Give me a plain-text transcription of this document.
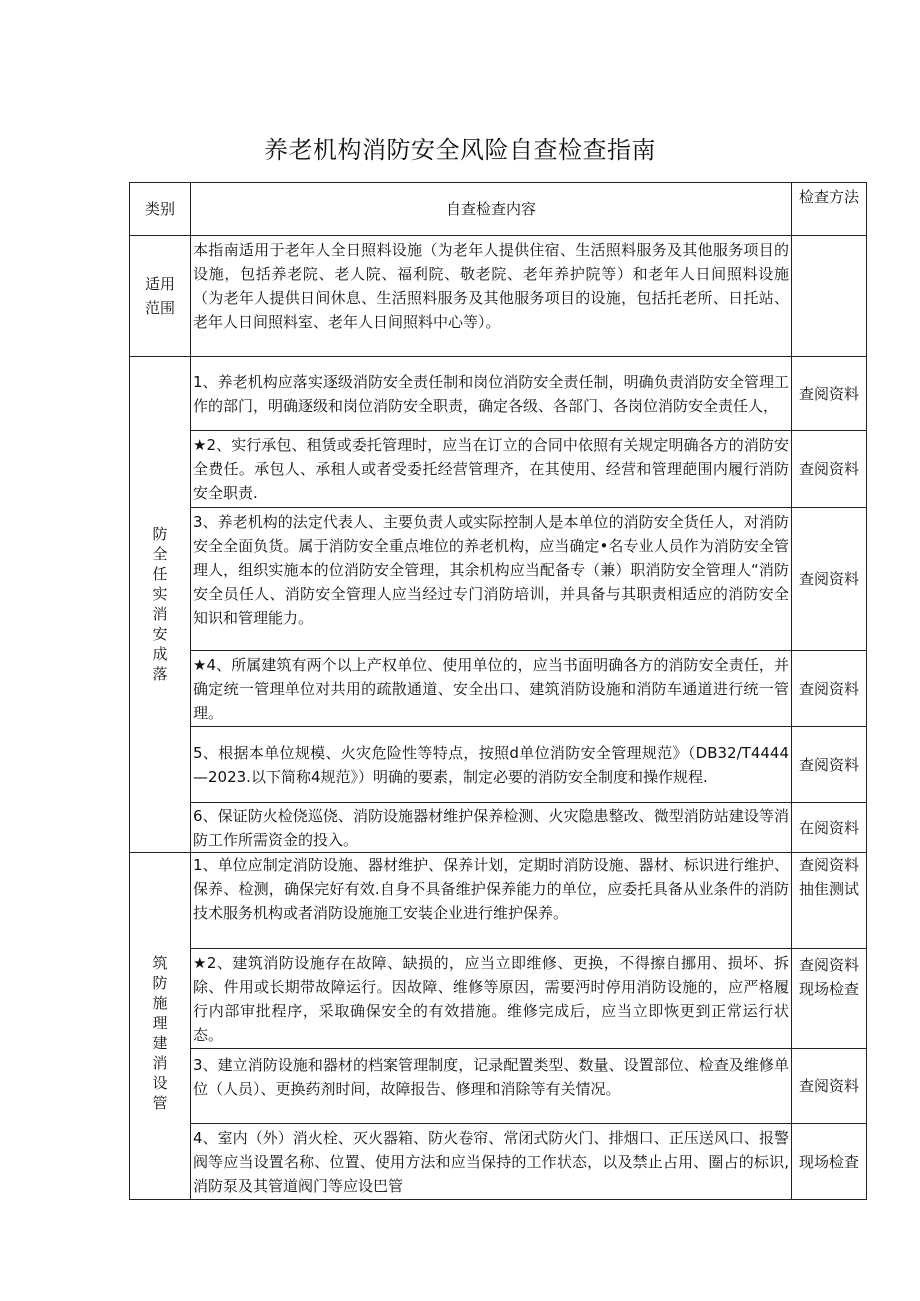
养老机构消防安全风险自查检查指南
类别	自查检查内容	检查方法
适用范围	本指南适用于老年人全日照料设施（为老年人提供住宿、生活照料服务及其他服务项目的设施，包括养老院、老人院、福利院、敬老院、老年养护院等）和老年人日间照料设施（为老年人提供日间休息、生活照料服务及其他服务项目的设施，包括托老所、日托站、老年人日间照料室、老年人日间照料中心等）。	
防全任实消安成落	1、养老机构应落实逐级消防安全责任制和岗位消防安全责任制，明确负责消防安全管理工作的部门，明确逐级和岗位消防安全职责，确定各级、各部门、各岗位消防安全责任人，	查阅资料
	★2、实行承包、租赁或委托管理时，应当在订立的合同中依照有关规定明确各方的消防安全费任。承包人、承租人或者受委托经营管理齐，在其使用、经营和管理葩围内履行消防安全职责.	查阅资料
	3、养老机构的法定代表人、主要负责人或实际控制人是本单位的消防安全货任人，对消防安全全面负货。属于消防安全重点堆位的养老机构，应当确定•名专业人员作为消防安全管理人，组织实施本的位消防安全管理，其余机构应当配备专（兼）职消防安全管理人“消防安全员任人、消防安全管理人应当经过专门消防培训，并具备与其职责相适应的消防安全知识和管理能力。	查阅资料
	★4、所属建筑有两个以上产权单位、使用单位的，应当书面明确各方的消防安全责任，并确定统一管理单位对共用的疏散通道、安全出口、建筑消防设施和消防车通道进行统一管理。	查阅资料
	5、根据本单位规模、火灾危险性等特点，按照d单位消防安全管理规范》（DB32/T4444—2023.以下简称4规范》）明确的要素，制定必要的消防安全制度和操作规程.	查阅资料
	6、保证防火检侥巡侥、消防设施器材维护保养检测、火灾隐患整改、微型消防站建设等消防工作所需资金的投入。	在阅资料
筑防施理建消设管	1、单位应制定消防设施、器材维护、保养计划，定期时消防设施、器材、标识进行维护、保养、检测，确保完好有效.自身不具备维护保养能力的单位，应委托具备从业条件的消防技术服务机构或者消防设施施工安装企业进行维护保养。	查阅资料抽隹测试
	★2、建筑消防设施存在故障、缺损的，应当立即维修、更换，不得擦自挪用、损坏、拆除、件用或长期带故障运行。因故障、维修等原因，需要沔时停用消防设施的，应严格履行内部审批程序，采取确保安全的有效措施。维修完成后，应当立即恢更到正常运行状态。	查阅资料现场检查
	3、建立消防设施和器材的档案管理制度，记录配置类型、数量、设置部位、检查及维修单位（人员）、更换药剂时间，故障报告、修理和消除等有关情况。	查阅资料
	4、室内（外）消火栓、灭火器箱、防火卷帘、常闭式防火门、排烟口、正压送风口、报警阀等应当设置名称、位置、使用方法和应当保持的工作状态，以及禁止占用、圈占的标识,消防泵及其管道阀门等应设巴管	现场检査
